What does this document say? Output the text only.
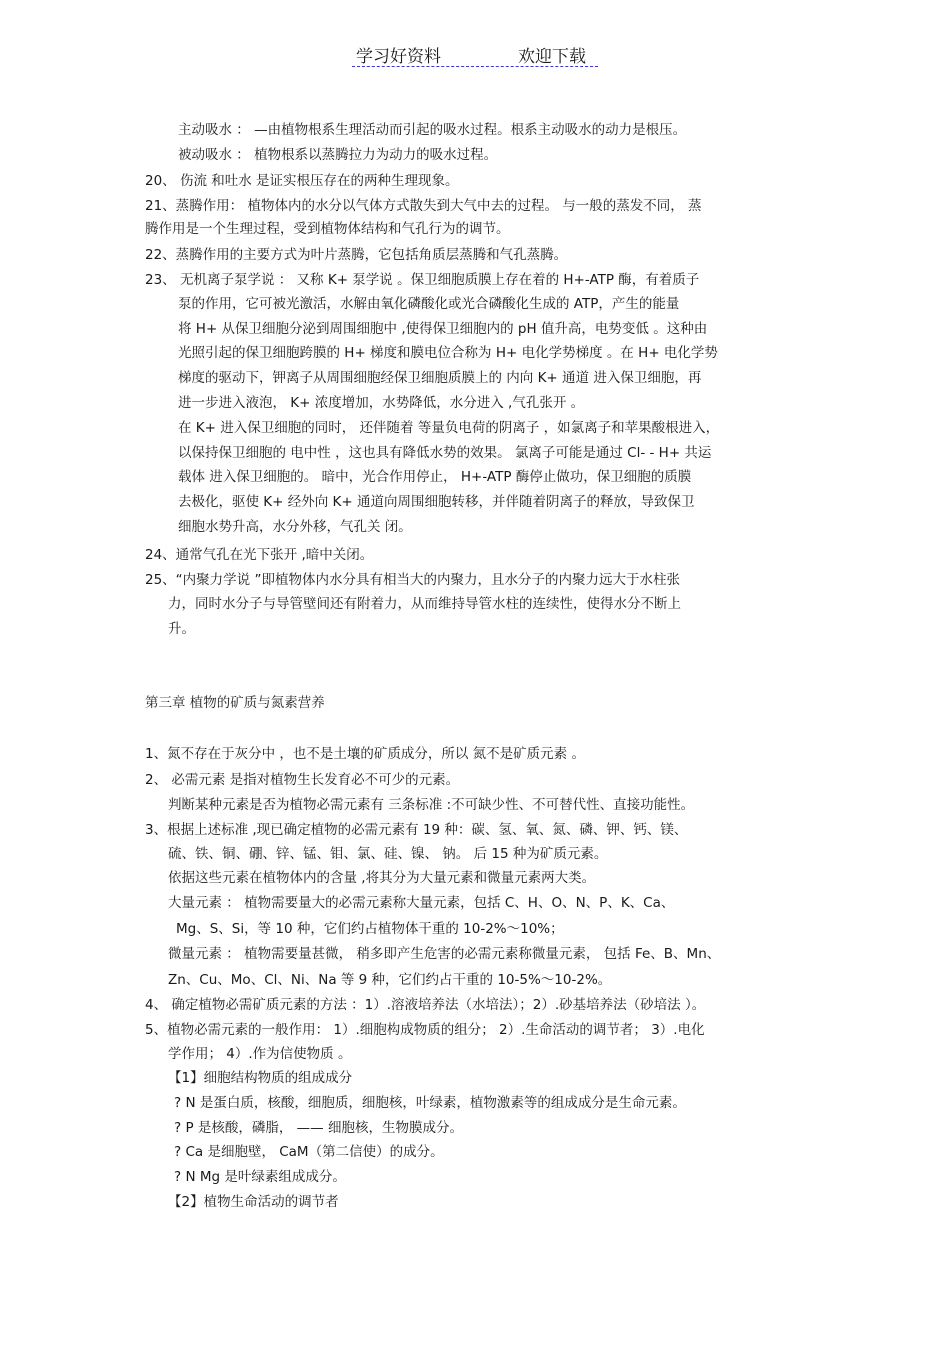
学习好资料	欢迎下载
主动吸水 ： —由植物根系生理活动而引起的吸水过程。根系主动吸水的动力是根压。
被动吸水 ： 植物根系以蒸腾拉力为动力的吸水过程。
20、 伤流 和吐水 是证实根压存在的两种生理现象。
21、蒸腾作用： 植物体内的水分以气体方式散失到大气中去的过程。 与一般的蒸发不同， 蒸
腾作用是一个生理过程，受到植物体结构和气孔行为的调节。
22、蒸腾作用的主要方式为叶片蒸腾，它包括角质层蒸腾和气孔蒸腾。
23、 无机离子泵学说 ： 又称 K+ 泵学说 。保卫细胞质膜上存在着的 H+-ATP 酶，有着质子
泵的作用，它可被光激活，水解由氧化磷酸化或光合磷酸化生成的 ATP，产生的能量
将 H+ 从保卫细胞分泌到周围细胞中 ,使得保卫细胞内的 pH 值升高，电势变低 。这种由
光照引起的保卫细胞跨膜的 H+ 梯度和膜电位合称为 H+ 电化学势梯度 。在 H+ 电化学势
梯度的驱动下，钾离子从周围细胞经保卫细胞质膜上的 内向 K+ 通道 进入保卫细胞，再
进一步进入液泡， K+ 浓度增加，水势降低，水分进入 ,气孔张开 。
在 K+ 进入保卫细胞的同时， 还伴随着 等量负电荷的阴离子 ，如氯离子和苹果酸根进入，
以保持保卫细胞的 电中性 ，这也具有降低水势的效果。 氯离子可能是通过 Cl- - H+ 共运
载体 进入保卫细胞的。 暗中，光合作用停止， H+-ATP 酶停止做功，保卫细胞的质膜
去极化，驱使 K+ 经外向 K+ 通道向周围细胞转移，并伴随着阴离子的释放，导致保卫
细胞水势升高，水分外移，气孔关 闭。
24、通常气孔在光下张开 ,暗中关闭。
25、“内聚力学说 ”即植物体内水分具有相当大的内聚力，且水分子的内聚力远大于水柱张
力，同时水分子与导管壁间还有附着力，从而维持导管水柱的连续性，使得水分不断上
升。
第三章 植物的矿质与氮素营养
1、氮不存在于灰分中 ，也不是土壤的矿质成分，所以 氮不是矿质元素 。
2、 必需元素 是指对植物生长发育必不可少的元素。
判断某种元素是否为植物必需元素有 三条标准 :不可缺少性、不可替代性、直接功能性。
3、根据上述标准 ,现已确定植物的必需元素有 19 种：碳、氢、氧、氮、磷、钾、钙、镁、
硫、铁、铜、硼、锌、锰、钼、氯、硅、镍、 钠。 后 15 种为矿质元素。
依据这些元素在植物体内的含量 ,将其分为大量元素和微量元素两大类。
大量元素 ： 植物需要量大的必需元素称大量元素，包括 C、H、O、N、P、K、Ca、
Mg、S、Si，等 10 种，它们约占植物体干重的 10-2%～10%；
微量元素 ： 植物需要量甚微， 稍多即产生危害的必需元素称微量元素， 包括 Fe、B、Mn、
Zn、Cu、Mo、Cl、Ni、Na 等 9 种，它们约占干重的 10-5%～10-2%。
4、 确定植物必需矿质元素的方法 ：1）.溶液培养法（水培法）；2）.砂基培养法（砂培法 ）。
5、植物必需元素的一般作用： 1）.细胞构成物质的组分； 2）.生命活动的调节者； 3）.电化
学作用； 4）.作为信使物质 。
【1】细胞结构物质的组成成分
? N 是蛋白质，核酸，细胞质，细胞核，叶绿素，植物激素等的组成成分是生命元素。
? P 是核酸，磷脂， —— 细胞核，生物膜成分。
? Ca 是细胞壁， CaM（第二信使）的成分。
? N Mg 是叶绿素组成成分。
【2】植物生命活动的调节者
